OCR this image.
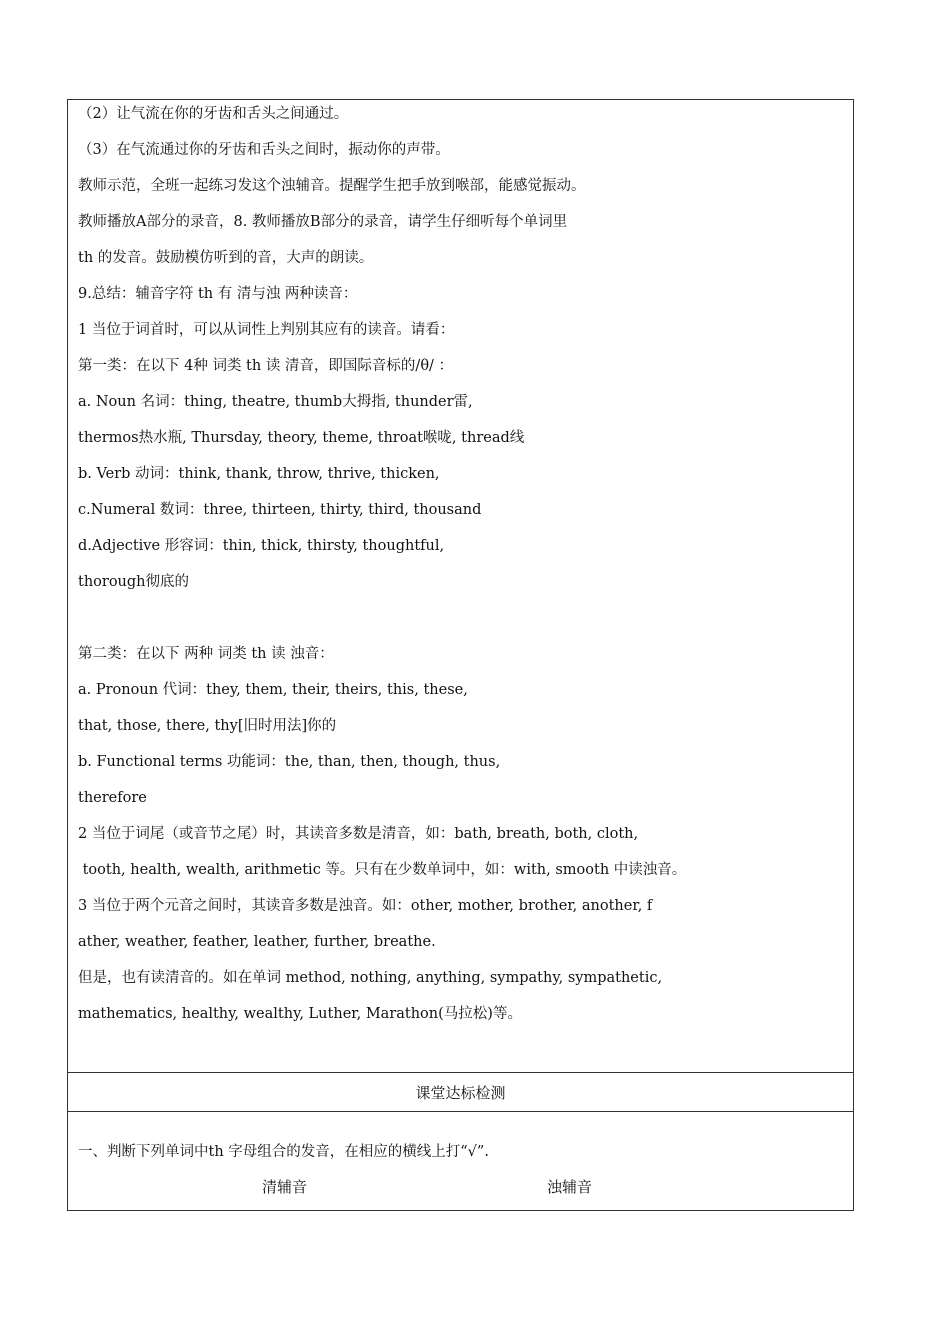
（2）让气流在你的牙齿和舌头之间通过。
（3）在气流通过你的牙齿和舌头之间时，振动你的声带。
教师示范，全班一起练习发这个浊辅音。提醒学生把手放到喉部，能感觉振动。
教师播放A部分的录音，8. 教师播放B部分的录音，请学生仔细听每个单词里
th 的发音。鼓励模仿听到的音，大声的朗读。
9.总结：辅音字符 th 有 清与浊 两种读音：
1 当位于词首时，可以从词性上判别其应有的读音。请看：
第一类：在以下 4种 词类 th 读 清音，即国际音标的/θ/ ：
a. Noun 名词：thing, theatre, thumb大拇指, thunder雷,
thermos热水瓶, Thursday, theory, theme, throat喉咙, thread线
b. Verb 动词：think, thank, throw, thrive, thicken,
c.Numeral 数词：three, thirteen, thirty, third, thousand
d.Adjective 形容词：thin, thick, thirsty, thoughtful,
thorough彻底的
第二类：在以下 两种 词类 th 读 浊音：
a. Pronoun 代词：they, them, their, theirs, this, these,
that, those, there, thy[旧时用法]你的
b. Functional terms 功能词：the, than, then, though, thus,
therefore
2 当位于词尾（或音节之尾）时，其读音多数是清音，如：bath, breath, both, cloth,
tooth, health, wealth, arithmetic 等。只有在少数单词中，如：with, smooth 中读浊音。
3 当位于两个元音之间时，其读音多数是浊音。如：other, mother, brother, another, f
ather, weather, feather, leather, further, breathe.
但是，也有读清音的。如在单词 method, nothing, anything, sympathy, sympathetic,
mathematics, healthy, wealthy, Luther, Marathon(马拉松)等。
课堂达标检测
一、判断下列单词中th 字母组合的发音，在相应的横线上打“√”.
清辅音	浊辅音
